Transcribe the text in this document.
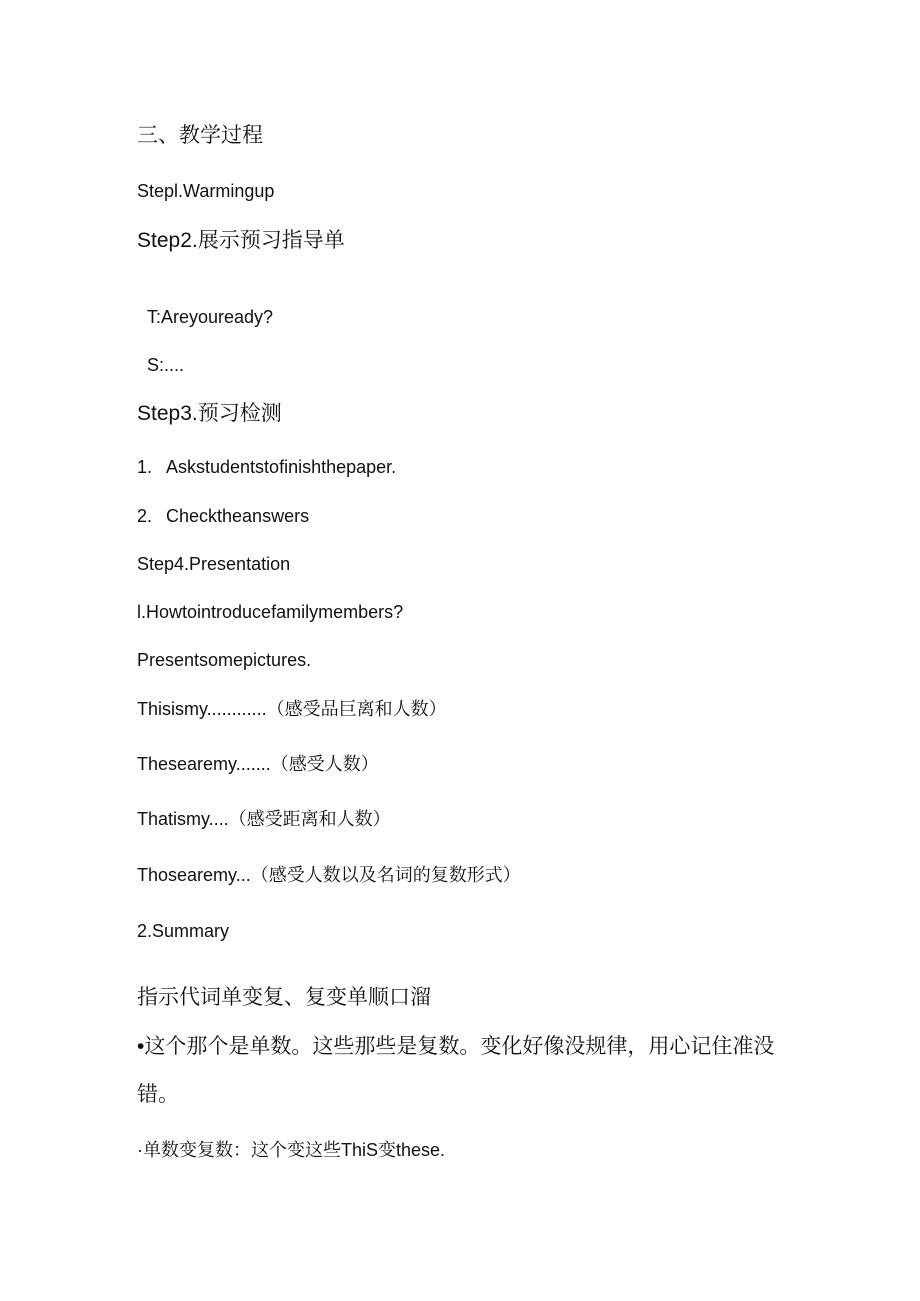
三、教学过程

Stepl.Warmingup

Step2.展示预习指导单

T:Areyouready?

S:....

Step3.预习检测

1. Askstudentstofinishthepaper.

2. Checktheanswers

Step4.Presentation

l.Howtointroducefamilymembers?

Presentsomepictures.

Thisismy............（感受品巨离和人数）

Thesearemy.......（感受人数）

Thatismy....（感受距离和人数）

Thosearemy...（感受人数以及名词的复数形式）

2.Summary

指示代词单变复、复变单顺口溜

•这个那个是单数。这些那些是复数。变化好像没规律，用心记住准没错。

·单数变复数：这个变这些ThiS变these.
